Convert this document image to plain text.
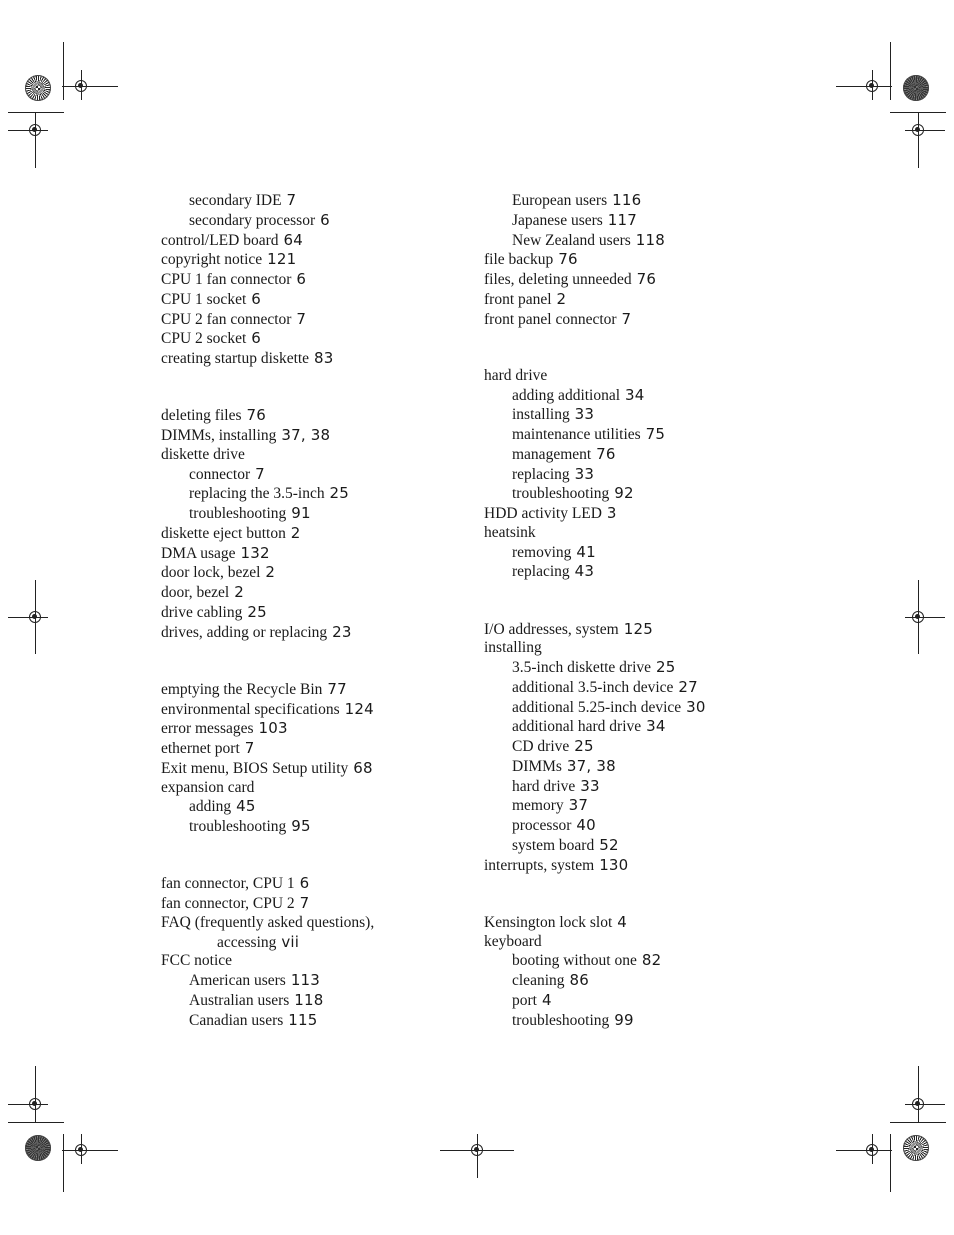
secondary IDE 7
secondary processor 6
control/LED board 64
copyright notice 121
CPU 1 fan connector 6
CPU 1 socket 6
CPU 2 fan connector 7
CPU 2 socket 6
creating startup diskette 83
deleting files 76
DIMMs, installing 37, 38
diskette drive
connector 7
replacing the 3.5-inch 25
troubleshooting 91
diskette eject button 2
DMA usage 132
door lock, bezel 2
door, bezel 2
drive cabling 25
drives, adding or replacing 23
emptying the Recycle Bin 77
environmental specifications 124
error messages 103
ethernet port 7
Exit menu, BIOS Setup utility 68
expansion card
adding 45
troubleshooting 95
fan connector, CPU 1 6
fan connector, CPU 2 7
FAQ (frequently asked questions),
accessing vii
FCC notice
American users 113
Australian users 118
Canadian users 115
European users 116
Japanese users 117
New Zealand users 118
file backup 76
files, deleting unneeded 76
front panel 2
front panel connector 7
hard drive
adding additional 34
installing 33
maintenance utilities 75
management 76
replacing 33
troubleshooting 92
HDD activity LED 3
heatsink
removing 41
replacing 43
I/O addresses, system 125
installing
3.5-inch diskette drive 25
additional 3.5-inch device 27
additional 5.25-inch device 30
additional hard drive 34
CD drive 25
DIMMs 37, 38
hard drive 33
memory 37
processor 40
system board 52
interrupts, system 130
Kensington lock slot 4
keyboard
booting without one 82
cleaning 86
port 4
troubleshooting 99
